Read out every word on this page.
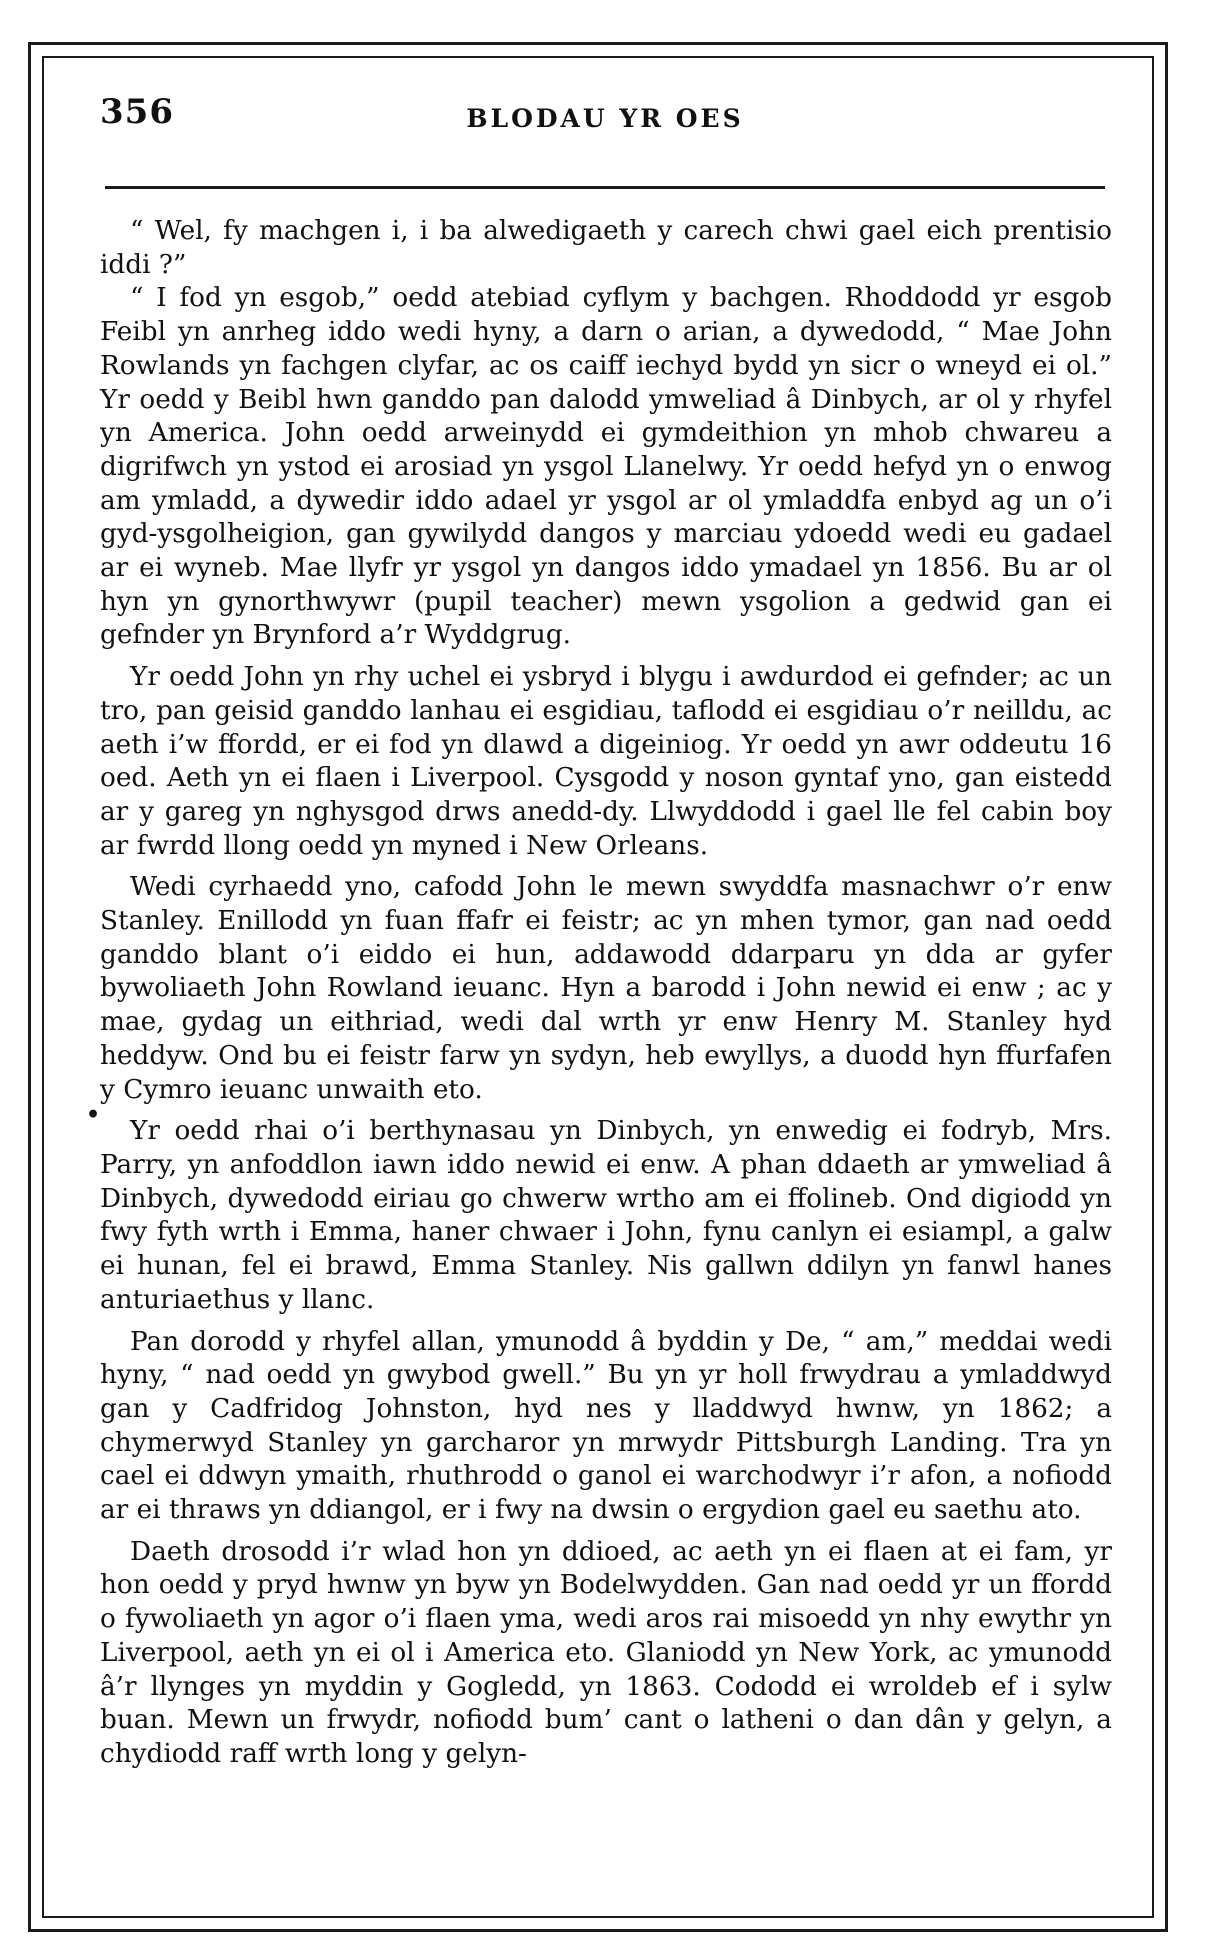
356	BLODAU YR OES
•

“ Wel, fy machgen i, i ba alwedigaeth y carech chwi gael eich prentisio iddi ?”

“ I fod yn esgob,” oedd atebiad cyflym y bachgen. Rhoddodd yr esgob Feibl yn anrheg iddo wedi hyny, a darn o arian, a dywedodd, “ Mae John Rowlands yn fachgen clyfar, ac os caiff iechyd bydd yn sicr o wneyd ei ol.” Yr oedd y Beibl hwn ganddo pan dalodd ymweliad â Dinbych, ar ol y rhyfel yn America. John oedd arweinydd ei gymdeithion yn mhob chwareu a digrifwch yn ystod ei arosiad yn ysgol Llanelwy. Yr oedd hefyd yn o enwog am ymladd, a dywedir iddo adael yr ysgol ar ol ymladdfa enbyd ag un o’i gyd-ysgolheigion, gan gywilydd dangos y marciau ydoedd wedi eu gadael ar ei wyneb. Mae llyfr yr ysgol yn dangos iddo ymadael yn 1856. Bu ar ol hyn yn gynorthwywr (pupil teacher) mewn ysgolion a gedwid gan ei gefnder yn Brynford a’r Wyddgrug.

Yr oedd John yn rhy uchel ei ysbryd i blygu i awdurdod ei gefnder; ac un tro, pan geisid ganddo lanhau ei esgidiau, taflodd ei esgidiau o’r neilldu, ac aeth i’w ffordd, er ei fod yn dlawd a digeiniog. Yr oedd yn awr oddeutu 16 oed. Aeth yn ei flaen i Liverpool. Cysgodd y noson gyntaf yno, gan eistedd ar y gareg yn nghysgod drws anedd-dy. Llwyddodd i gael lle fel cabin boy ar fwrdd llong oedd yn myned i New Orleans.

Wedi cyrhaedd yno, cafodd John le mewn swyddfa masnachwr o’r enw Stanley. Enillodd yn fuan ffafr ei feistr; ac yn mhen tymor, gan nad oedd ganddo blant o’i eiddo ei hun, addawodd ddarparu yn dda ar gyfer bywoliaeth John Rowland ieuanc. Hyn a barodd i John newid ei enw ; ac y mae, gydag un eithriad, wedi dal wrth yr enw Henry M. Stanley hyd heddyw. Ond bu ei feistr farw yn sydyn, heb ewyllys, a duodd hyn ffurfafen y Cymro ieuanc unwaith eto.

Yr oedd rhai o’i berthynasau yn Dinbych, yn enwedig ei fodryb, Mrs. Parry, yn anfoddlon iawn iddo newid ei enw. A phan ddaeth ar ymweliad â Dinbych, dywedodd eiriau go chwerw wrtho am ei ffolineb. Ond digiodd yn fwy fyth wrth i Emma, haner chwaer i John, fynu canlyn ei esiampl, a galw ei hunan, fel ei brawd, Emma Stanley. Nis gallwn ddilyn yn fanwl hanes anturiaethus y llanc.

Pan dorodd y rhyfel allan, ymunodd â byddin y De, “ am,” meddai wedi hyny, “ nad oedd yn gwybod gwell.” Bu yn yr holl frwydrau a ymladdwyd gan y Cadfridog Johnston, hyd nes y lladdwyd hwnw, yn 1862; a chymerwyd Stanley yn garcharor yn mrwydr Pittsburgh Landing. Tra yn cael ei ddwyn ymaith, rhuthrodd o ganol ei warchodwyr i’r afon, a nofiodd ar ei thraws yn ddiangol, er i fwy na dwsin o ergydion gael eu saethu ato.

Daeth drosodd i’r wlad hon yn ddioed, ac aeth yn ei flaen at ei fam, yr hon oedd y pryd hwnw yn byw yn Bodelwydden. Gan nad oedd yr un ffordd o fywoliaeth yn agor o’i flaen yma, wedi aros rai misoedd yn nhy ewythr yn Liverpool, aeth yn ei ol i America eto. Glaniodd yn New York, ac ymunodd â’r llynges yn myddin y Gogledd, yn 1863. Cododd ei wroldeb ef i sylw buan. Mewn un frwydr, nofiodd bum’ cant o latheni o dan dân y gelyn, a chydiodd raff wrth long y gelyn-
